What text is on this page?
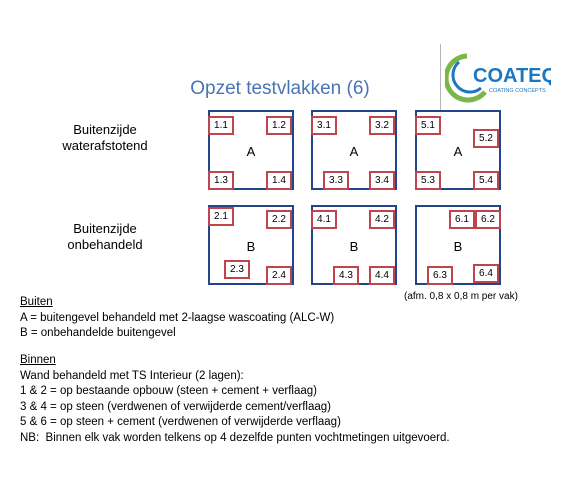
Opzet testvlakken (6)
COATEQ
COATING CONCEPTS
Buitenzijde
waterafstotend
Buitenzijde
onbehandeld
1.1	1.2
A
1.3	1.4
3.1	3.2
A
3.3	3.4
5.1
5.2
A
5.3	5.4
2.1	2.2
B
2.3
2.4
4.1	4.2
B
4.3	4.4
6.1	6.2
B
6.3	6.4
(afm. 0,8 x 0,8 m per vak)
Buiten
A = buitengevel behandeld met 2-laagse wascoating (ALC-W)
B = onbehandelde buitengevel
Binnen
Wand behandeld met TS Interieur (2 lagen):
1 & 2 = op bestaande opbouw (steen + cement + verflaag)
3 & 4 = op steen (verdwenen of verwijderde cement/verflaag)
5 & 6 = op steen + cement (verdwenen of verwijderde verflaag)
NB:  Binnen elk vak worden telkens op 4 dezelfde punten vochtmetingen uitgevoerd.
